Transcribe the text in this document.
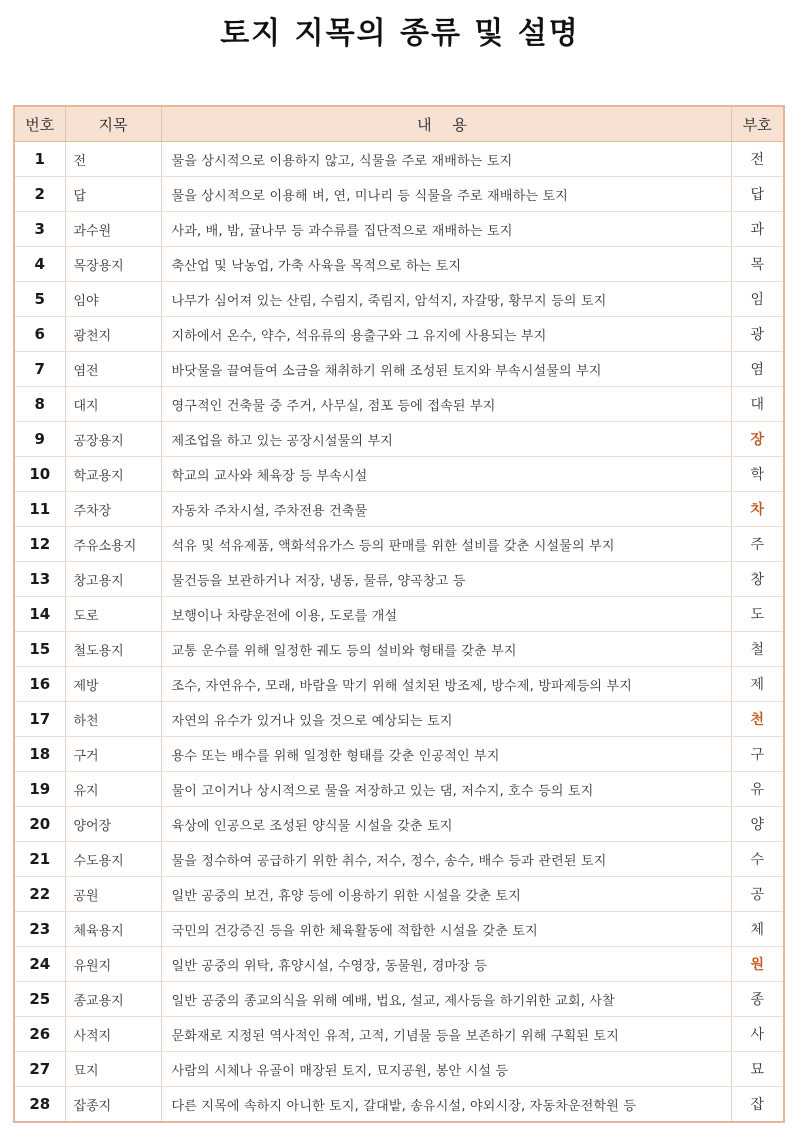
토지 지목의 종류 및 설명
번호	지목	내 용	부호
1	전	물을 상시적으로 이용하지 않고, 식물을 주로 재배하는 토지	전
2	답	물을 상시적으로 이용해 벼, 연, 미나리 등 식물을 주로 재배하는 토지	답
3	과수원	사과, 배, 밤, 귤나무 등 과수류를 집단적으로 재배하는 토지	과
4	목장용지	축산업 및 낙농업, 가축 사육을 목적으로 하는 토지	목
5	임야	나무가 심어져 있는 산림, 수림지, 죽림지, 암석지, 자갈땅, 황무지 등의 토지	임
6	광천지	지하에서 온수, 약수, 석유류의 용출구와 그 유지에 사용되는 부지	광
7	염전	바닷물을 끌여들여 소금을 채취하기 위해 조성된 토지와 부속시설물의 부지	염
8	대지	영구적인 건축물 중 주거, 사무실, 점포 등에 접속된 부지	대
9	공장용지	제조업을 하고 있는 공장시설물의 부지	장
10	학교용지	학교의 교사와 체육장 등 부속시설	학
11	주차장	자동차 주차시설, 주차전용 건축물	차
12	주유소용지	석유 및 석유제품, 액화석유가스 등의 판매를 위한 설비를 갖춘 시설물의 부지	주
13	창고용지	물건등을 보관하거나 저장, 냉동, 물류, 양곡창고 등	창
14	도로	보행이나 차량운전에 이용, 도로를 개설	도
15	철도용지	교통 운수를 위해 일정한 궤도 등의 설비와 형태를 갖춘 부지	철
16	제방	조수, 자연유수, 모래, 바람을 막기 위해 설치된 방조제, 방수제, 방파제등의 부지	제
17	하천	자연의 유수가 있거나 있을 것으로 예상되는 토지	천
18	구거	용수 또는 배수를 위해 일정한 형태를 갖춘 인공적인 부지	구
19	유지	물이 고이거나 상시적으로 물을 저장하고 있는 댐, 저수지, 호수 등의 토지	유
20	양어장	육상에 인공으로 조성된 양식물 시설을 갖춘 토지	양
21	수도용지	물을 정수하여 공급하기 위한 취수, 저수, 정수, 송수, 배수 등과 관련된 토지	수
22	공원	일반 공중의 보건, 휴양 등에 이용하기 위한 시설을 갖춘 토지	공
23	체육용지	국민의 건강증진 등을 위한 체육활동에 적합한 시설을 갖춘 토지	체
24	유원지	일반 공중의 위탁, 휴양시설, 수영장, 동물원, 경마장 등	원
25	종교용지	일반 공중의 종교의식을 위해 예배, 법요, 설교, 제사등을 하기위한 교회, 사찰	종
26	사적지	문화재로 지정된 역사적인 유적, 고적, 기념물 등을 보존하기 위해 구획된 토지	사
27	묘지	사람의 시체나 유골이 매장된 토지, 묘지공원, 봉안 시설 등	묘
28	잡종지	다른 지목에 속하지 아니한 토지, 갈대밭, 송유시설, 야외시장, 자동차운전학원 등	잡
